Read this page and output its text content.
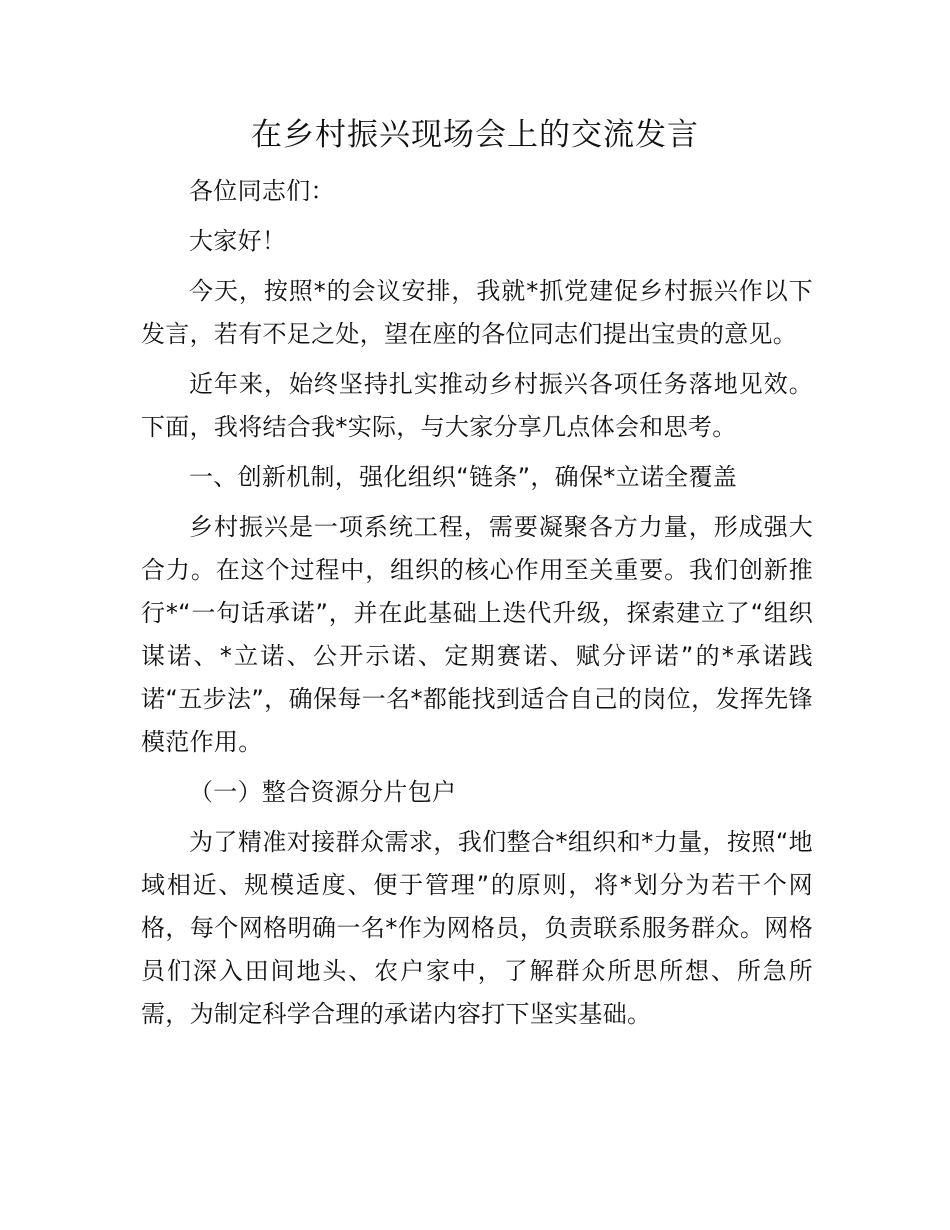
在乡村振兴现场会上的交流发言

各位同志们：

大家好！

今天，按照*的会议安排，我就*抓党建促乡村振兴作以下发言，若有不足之处，望在座的各位同志们提出宝贵的意见。

近年来，始终坚持扎实推动乡村振兴各项任务落地见效。下面，我将结合我*实际，与大家分享几点体会和思考。

一、创新机制，强化组织“链条”，确保*立诺全覆盖

乡村振兴是一项系统工程，需要凝聚各方力量，形成强大合力。在这个过程中，组织的核心作用至关重要。我们创新推行*“一句话承诺”，并在此基础上迭代升级，探索建立了“组织谋诺、*立诺、公开示诺、定期赛诺、赋分评诺”的*承诺践诺“五步法”，确保每一名*都能找到适合自己的岗位，发挥先锋模范作用。

（一）整合资源分片包户

为了精准对接群众需求，我们整合*组织和*力量，按照“地域相近、规模适度、便于管理”的原则，将*划分为若干个网格，每个网格明确一名*作为网格员，负责联系服务群众。网格员们深入田间地头、农户家中，了解群众所思所想、所急所需，为制定科学合理的承诺内容打下坚实基础。
